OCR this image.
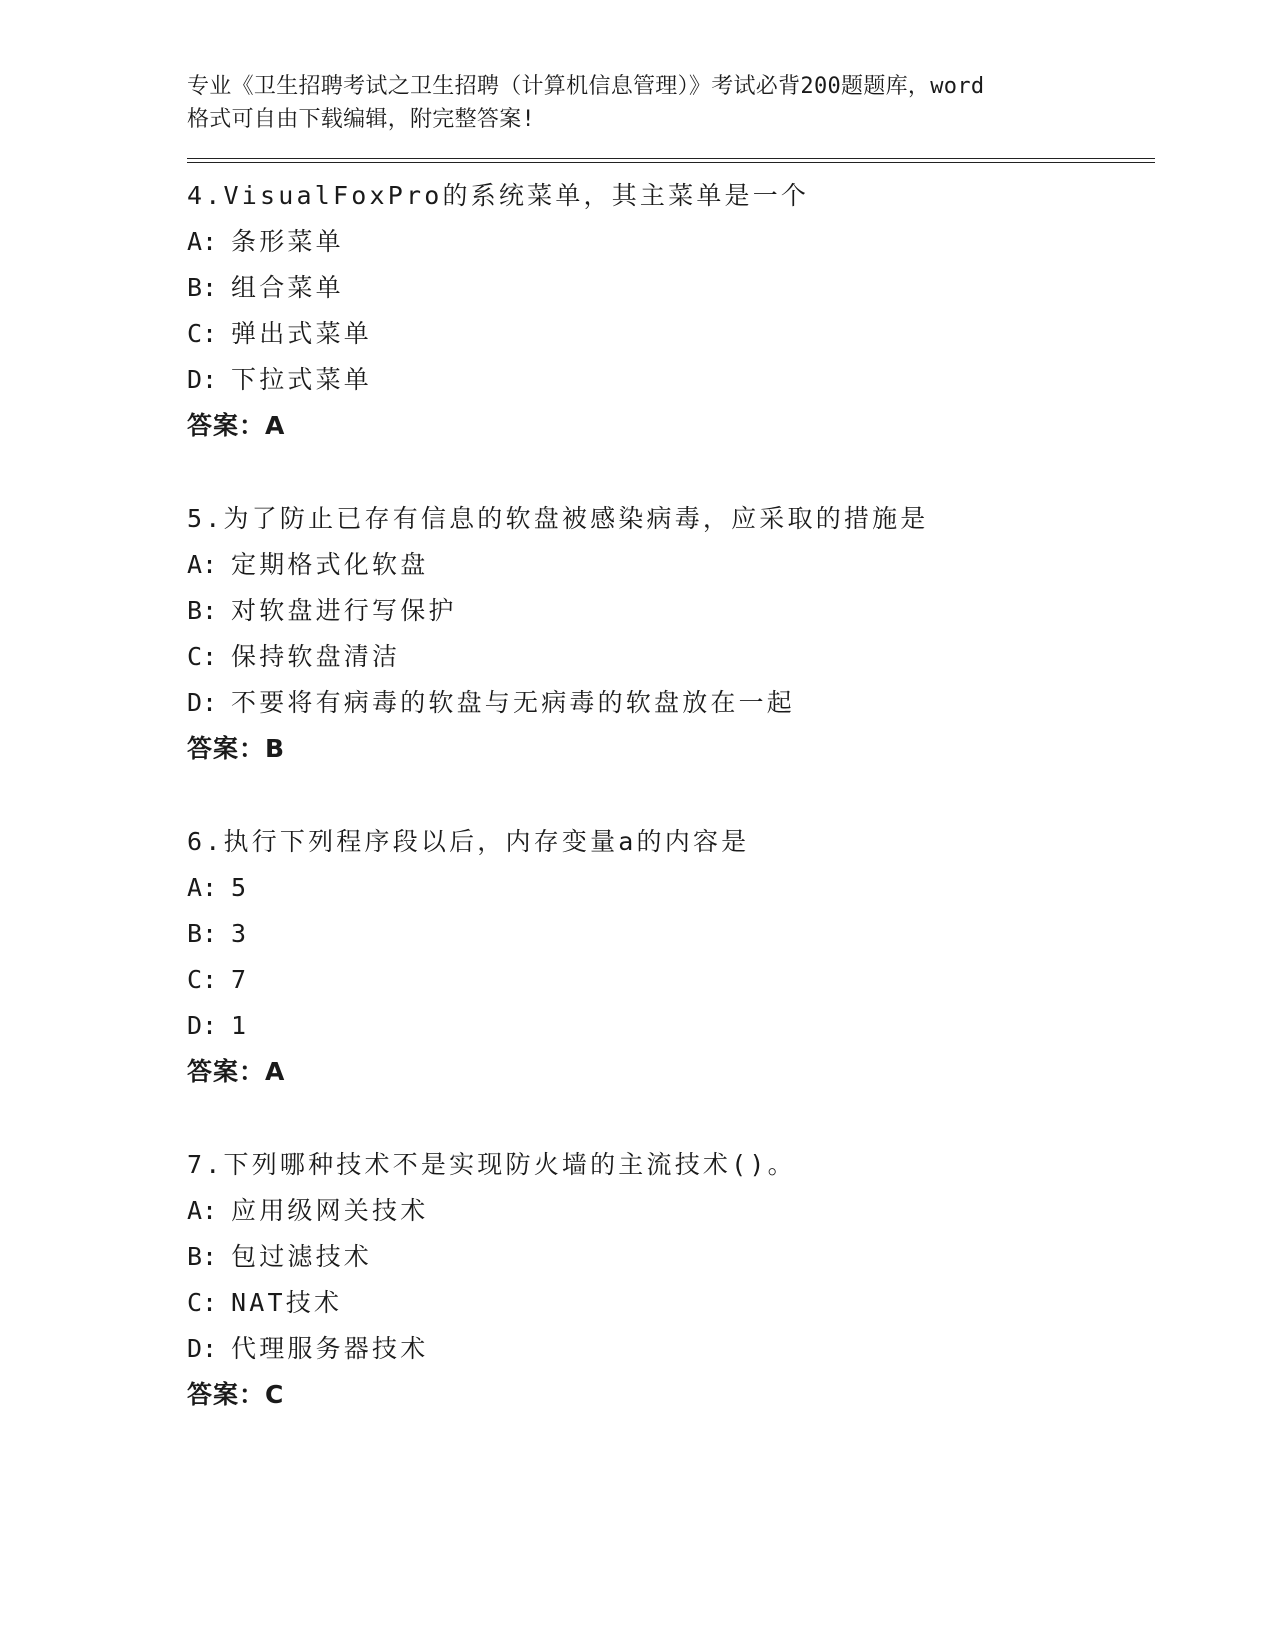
专业《卫生招聘考试之卫生招聘（计算机信息管理）》考试必背200题题库，word
格式可自由下载编辑，附完整答案!
4.VisualFoxPro的系统菜单，其主菜单是一个
A: 条形菜单
B: 组合菜单
C: 弹出式菜单
D: 下拉式菜单
答案：A
5.为了防止已存有信息的软盘被感染病毒，应采取的措施是
A: 定期格式化软盘
B: 对软盘进行写保护
C: 保持软盘清洁
D: 不要将有病毒的软盘与无病毒的软盘放在一起
答案：B
6.执行下列程序段以后，内存变量a的内容是
A: 5
B: 3
C: 7
D: 1
答案：A
7.下列哪种技术不是实现防火墙的主流技术()。
A: 应用级网关技术
B: 包过滤技术
C: NAT技术
D: 代理服务器技术
答案：C
